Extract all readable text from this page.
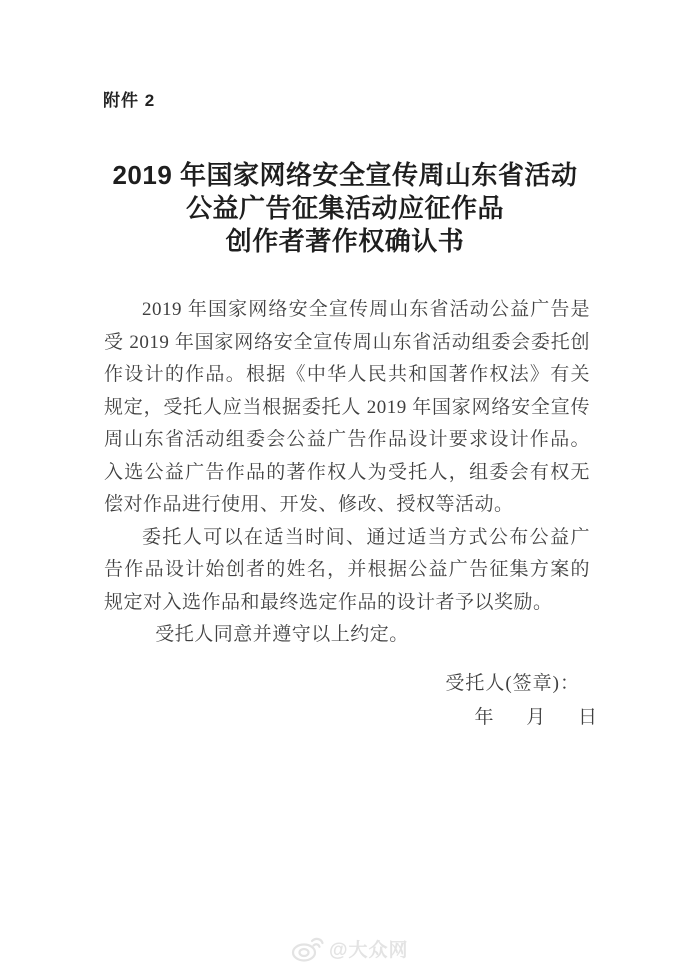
附件 2
2019 年国家网络安全宣传周山东省活动
公益广告征集活动应征作品
创作者著作权确认书

2019 年国家网络安全宣传周山东省活动公益广告是受 2019 年国家网络安全宣传周山东省活动组委会委托创作设计的作品。根据《中华人民共和国著作权法》有关规定，受托人应当根据委托人 2019 年国家网络安全宣传周山东省活动组委会公益广告作品设计要求设计作品。入选公益广告作品的著作权人为受托人，组委会有权无偿对作品进行使用、开发、修改、授权等活动。

委托人可以在适当时间、通过适当方式公布公益广告作品设计始创者的姓名，并根据公益广告征集方案的规定对入选作品和最终选定作品的设计者予以奖励。

受托人同意并遵守以上约定。

受托人(签章)：
年 月 日
@大众网
